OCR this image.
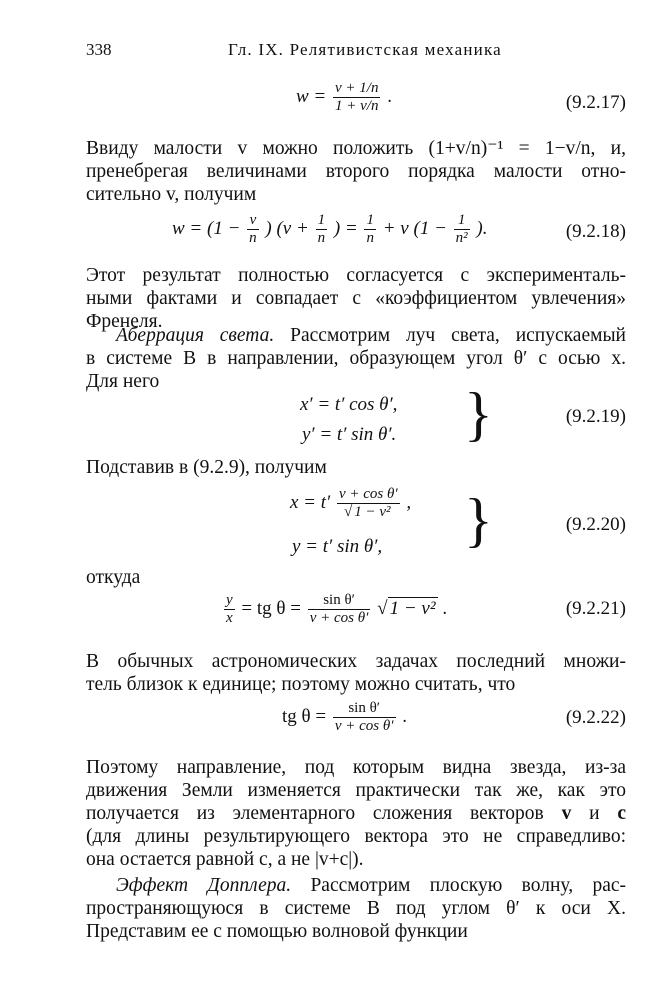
338	Гл. IX. Релятивистская механика
$w = \frac{v + 1/n}{1 + v/n}$ .	(9.2.17)
Ввиду малости v можно положить (1+v/n)⁻¹ = 1−v/n, и,
пренебрегая величинами второго порядка малости отно-
сительно v, получим
$w = (1 - \frac{v}{n}$ ) ($v + \frac{1}{n}$ ) = $\frac{1}{n} + v$ ($1 - \frac{1}{\text{n²}}$ ).	(9.2.18)
Этот результат полностью согласуется с эксперименталь-
ными фактами и совпадает с «коэффициентом увлечения»
Френеля.
Аберрация света. Рассмотрим луч света, испускаемый
в системе B в направлении, образующем угол θ′ с осью x.
Для него
x′ = t′ cos θ′,
y′ = t′ sin θ′. }	(9.2.19)
Подставив в (9.2.9), получим
$x = t' \frac{\text{v + cos θ′}}{\text{√ 1 − v²}}$ ,
y = t′ sin θ′, }	(9.2.20)
откуда
$\frac{y}{x}$ = tg $\theta = \frac{\text{sin θ′}}{\text{v + cos θ′}}$ √ 1 − v² .	(9.2.21)
В обычных астрономических задачах последний множи-
тель близок к единице; поэтому можно считать, что
tg $\theta = \frac{\text{sin θ′}}{\text{v + cos θ′}}$ .	(9.2.22)
Поэтому направление, под которым видна звезда, из-за
движения Земли изменяется практически так же, как это
получается из элементарного сложения векторов v и c
(для длины результирующего вектора это не справедливо:
она остается равной c, а не |v+c|).
Эффект Допплера. Рассмотрим плоскую волну, рас-
пространяющуюся в системе B под углом θ′ к оси X.
Представим ее с помощью волновой функции
